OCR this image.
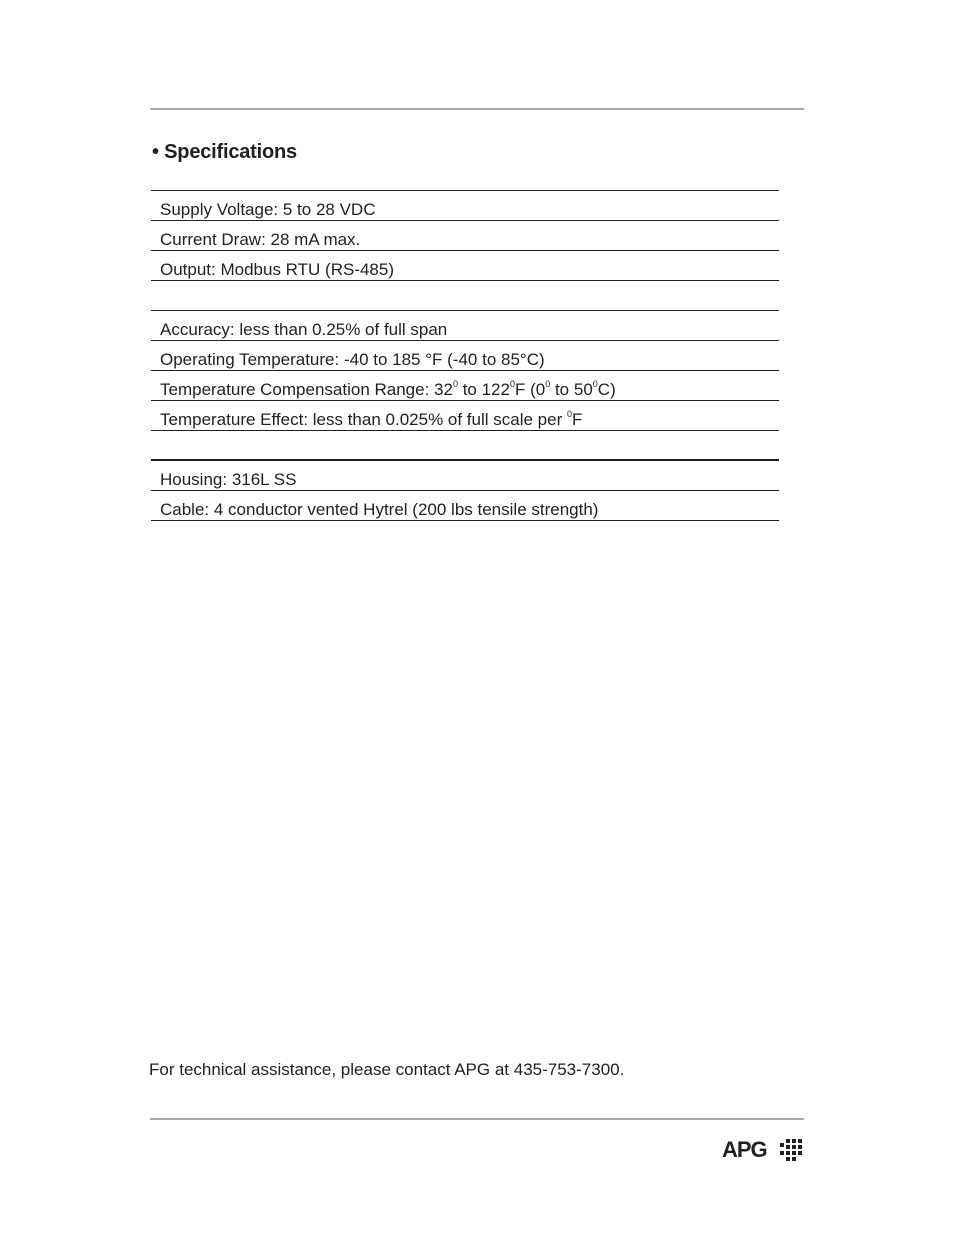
• Specifications
Supply Voltage: 5 to 28 VDC
Current Draw: 28 mA max.
Output: Modbus RTU (RS-485)
Accuracy: less than 0.25% of full span
Operating Temperature: -40 to 185 °F (-40 to 85°C)
Temperature Compensation Range: $32^0$ to $122^0F$ ($0^0$ to $50^0C$)
Temperature Effect: less than 0.025% of full scale per $^0$F
Housing: 316L SS
Cable: 4 conductor vented Hytrel (200 lbs tensile strength)
For technical assistance, please contact APG at 435-753-7300.
APG
